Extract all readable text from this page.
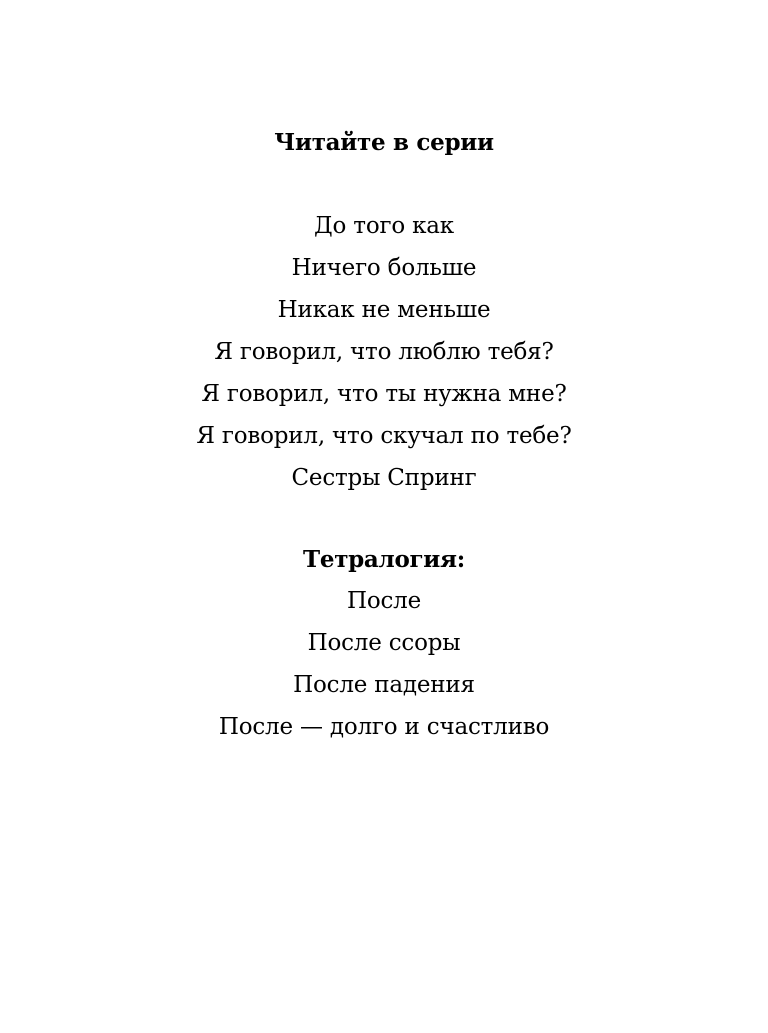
Читайте в серии
До того как
Ничего больше
Никак не меньше
Я говорил, что люблю тебя?
Я говорил, что ты нужна мне?
Я говорил, что скучал по тебе?
Сестры Спринг
Тетралогия:
После
После ссоры
После падения
После — долго и счастливо
